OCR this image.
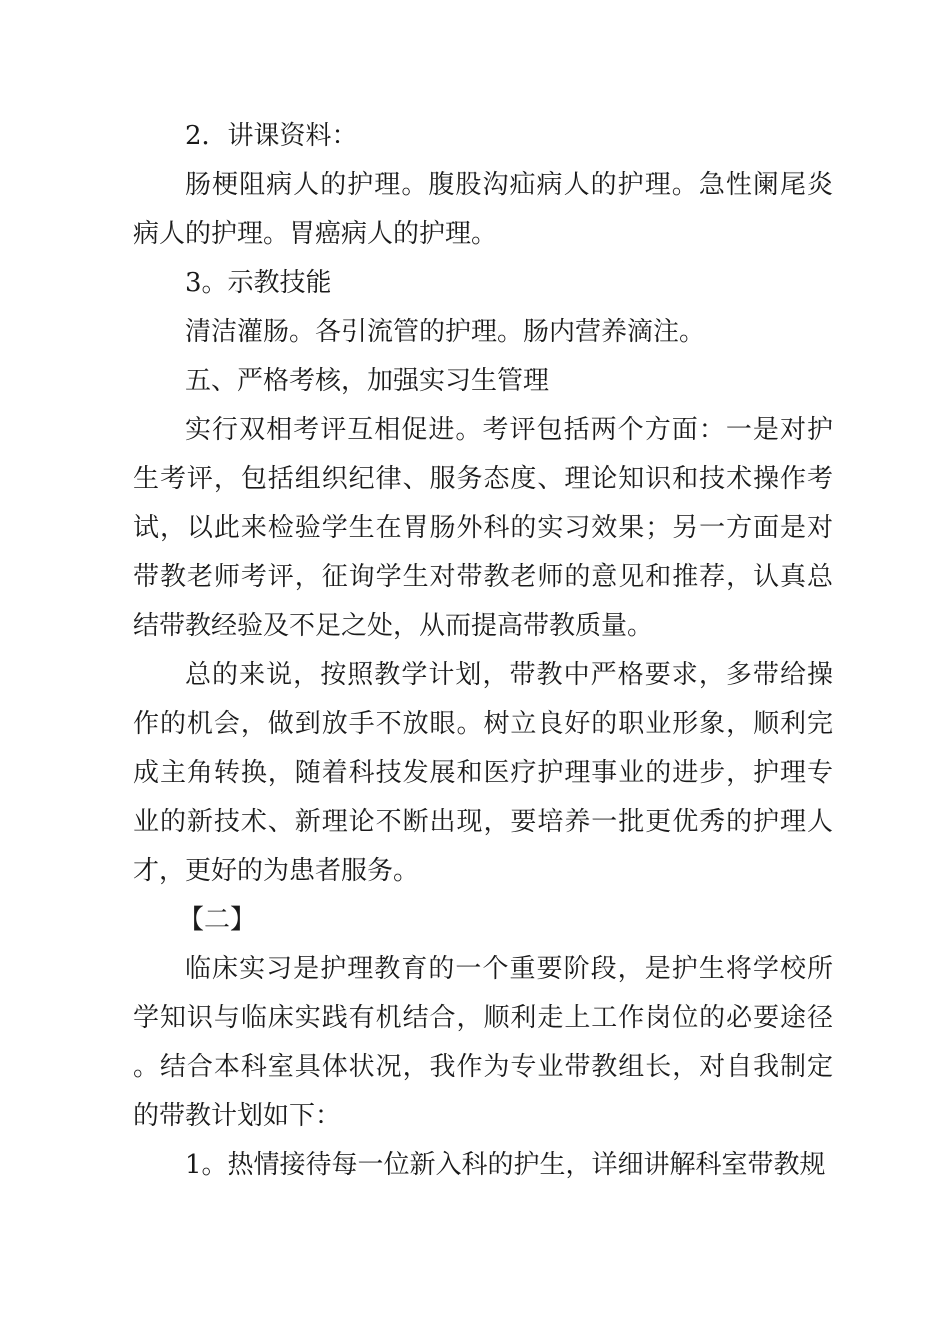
2．讲课资料：

肠梗阻病人的护理。腹股沟疝病人的护理。急性阑尾炎病人的护理。胃癌病人的护理。

3。示教技能

清洁灌肠。各引流管的护理。肠内营养滴注。

五、严格考核，加强实习生管理

实行双相考评互相促进。考评包括两个方面：一是对护生考评，包括组织纪律、服务态度、理论知识和技术操作考试，以此来检验学生在胃肠外科的实习效果；另一方面是对带教老师考评，征询学生对带教老师的意见和推荐，认真总结带教经验及不足之处，从而提高带教质量。

总的来说，按照教学计划，带教中严格要求，多带给操作的机会，做到放手不放眼。树立良好的职业形象，顺利完成主角转换，随着科技发展和医疗护理事业的进步，护理专业的新技术、新理论不断出现，要培养一批更优秀的护理人才，更好的为患者服务。

【二】

临床实习是护理教育的一个重要阶段，是护生将学校所学知识与临床实践有机结合，顺利走上工作岗位的必要途径。结合本科室具体状况，我作为专业带教组长，对自我制定的带教计划如下：

1。热情接待每一位新入科的护生，详细讲解科室带教规
